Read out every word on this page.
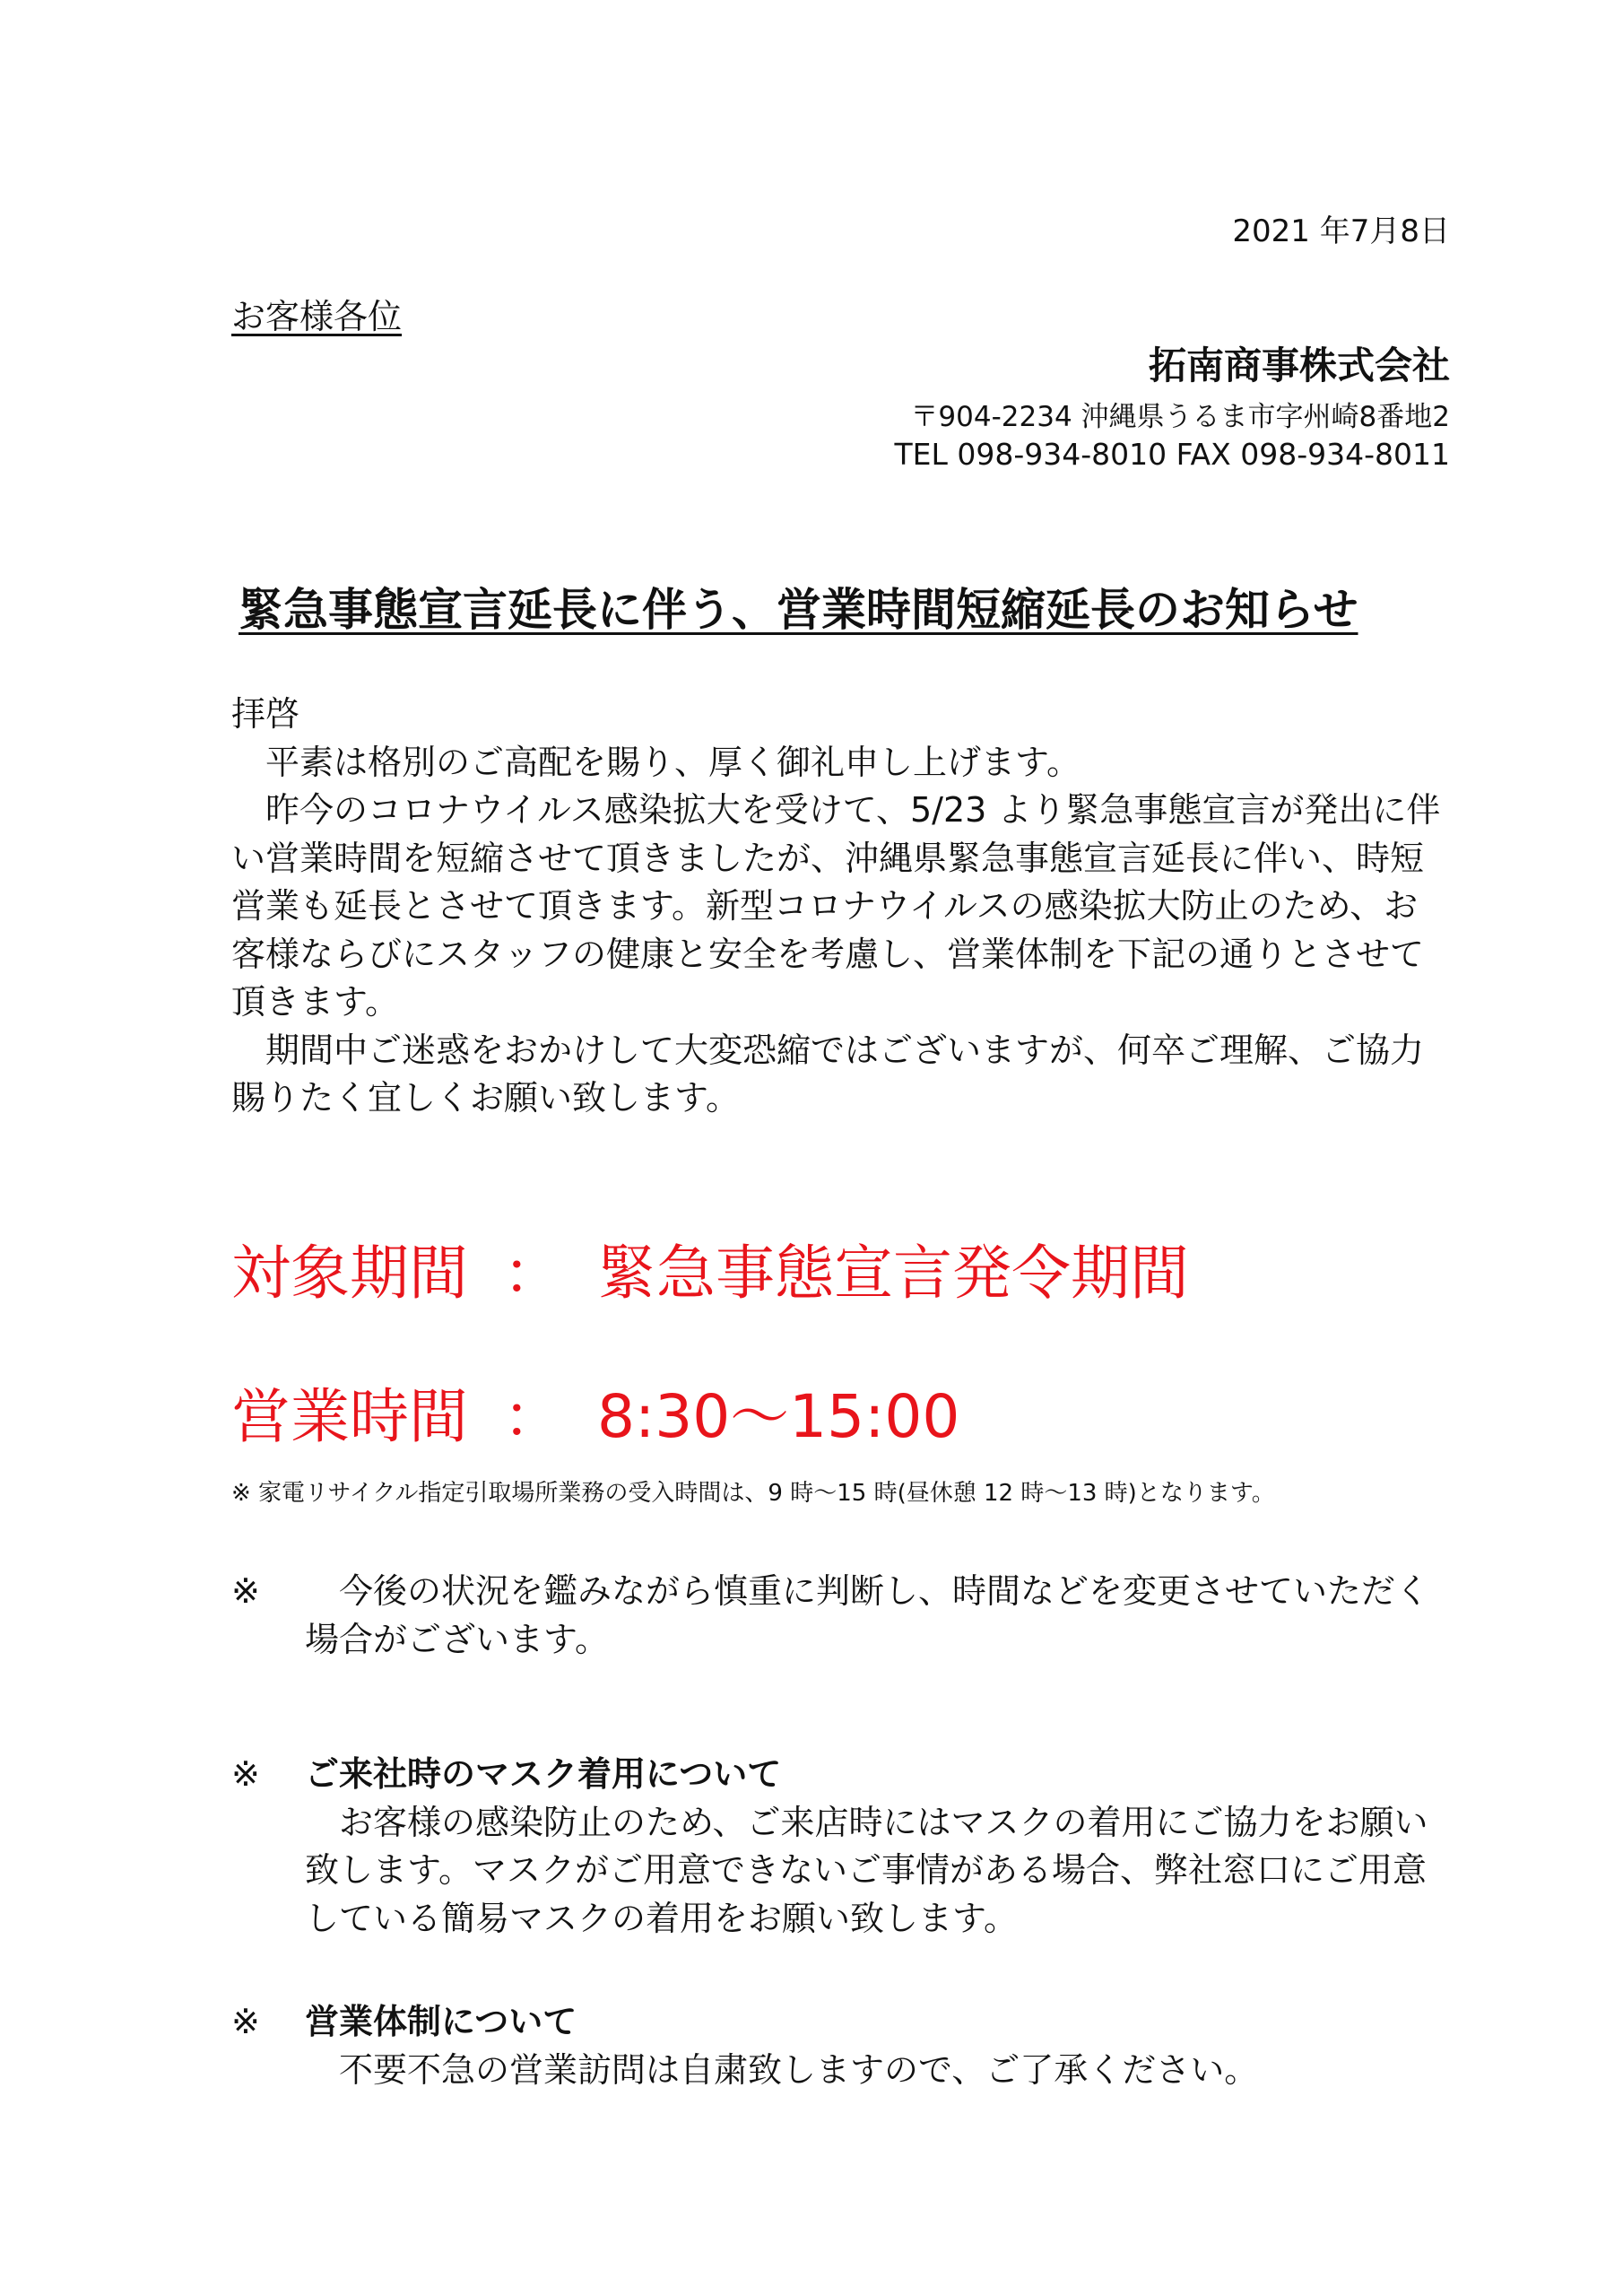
2021 年7月8日
お客様各位
拓南商事株式会社
〒904-2234 沖縄県うるま市字州崎8番地2
TEL 098-934-8010 FAX 098-934-8011
緊急事態宣言延長に伴う、営業時間短縮延長のお知らせ

拝啓

平素は格別のご高配を賜り、厚く御礼申し上げます。

昨今のコロナウイルス感染拡大を受けて、5/23 より緊急事態宣言が発出に伴い営業時間を短縮させて頂きましたが、沖縄県緊急事態宣言延長に伴い、時短営業も延長とさせて頂きます。新型コロナウイルスの感染拡大防止のため、お客様ならびにスタッフの健康と安全を考慮し、営業体制を下記の通りとさせて頂きます。

期間中ご迷惑をおかけして大変恐縮ではございますが、何卒ご理解、ご協力賜りたく宜しくお願い致します。

対象期間 ： 緊急事態宣言発令期間
営業時間 ： 8:30～15:00
※ 家電リサイクル指定引取場所業務の受入時間は、9 時～15 時(昼休憩 12 時～13 時)となります。
※	今後の状況を鑑みながら慎重に判断し、時間などを変更させていただく場合がございます。

※ ご来社時のマスク着用について

お客様の感染防止のため、ご来店時にはマスクの着用にご協力をお願い致します。マスクがご用意できないご事情がある場合、弊社窓口にご用意している簡易マスクの着用をお願い致します。

※ 営業体制について

不要不急の営業訪問は自粛致しますので、ご了承ください。
